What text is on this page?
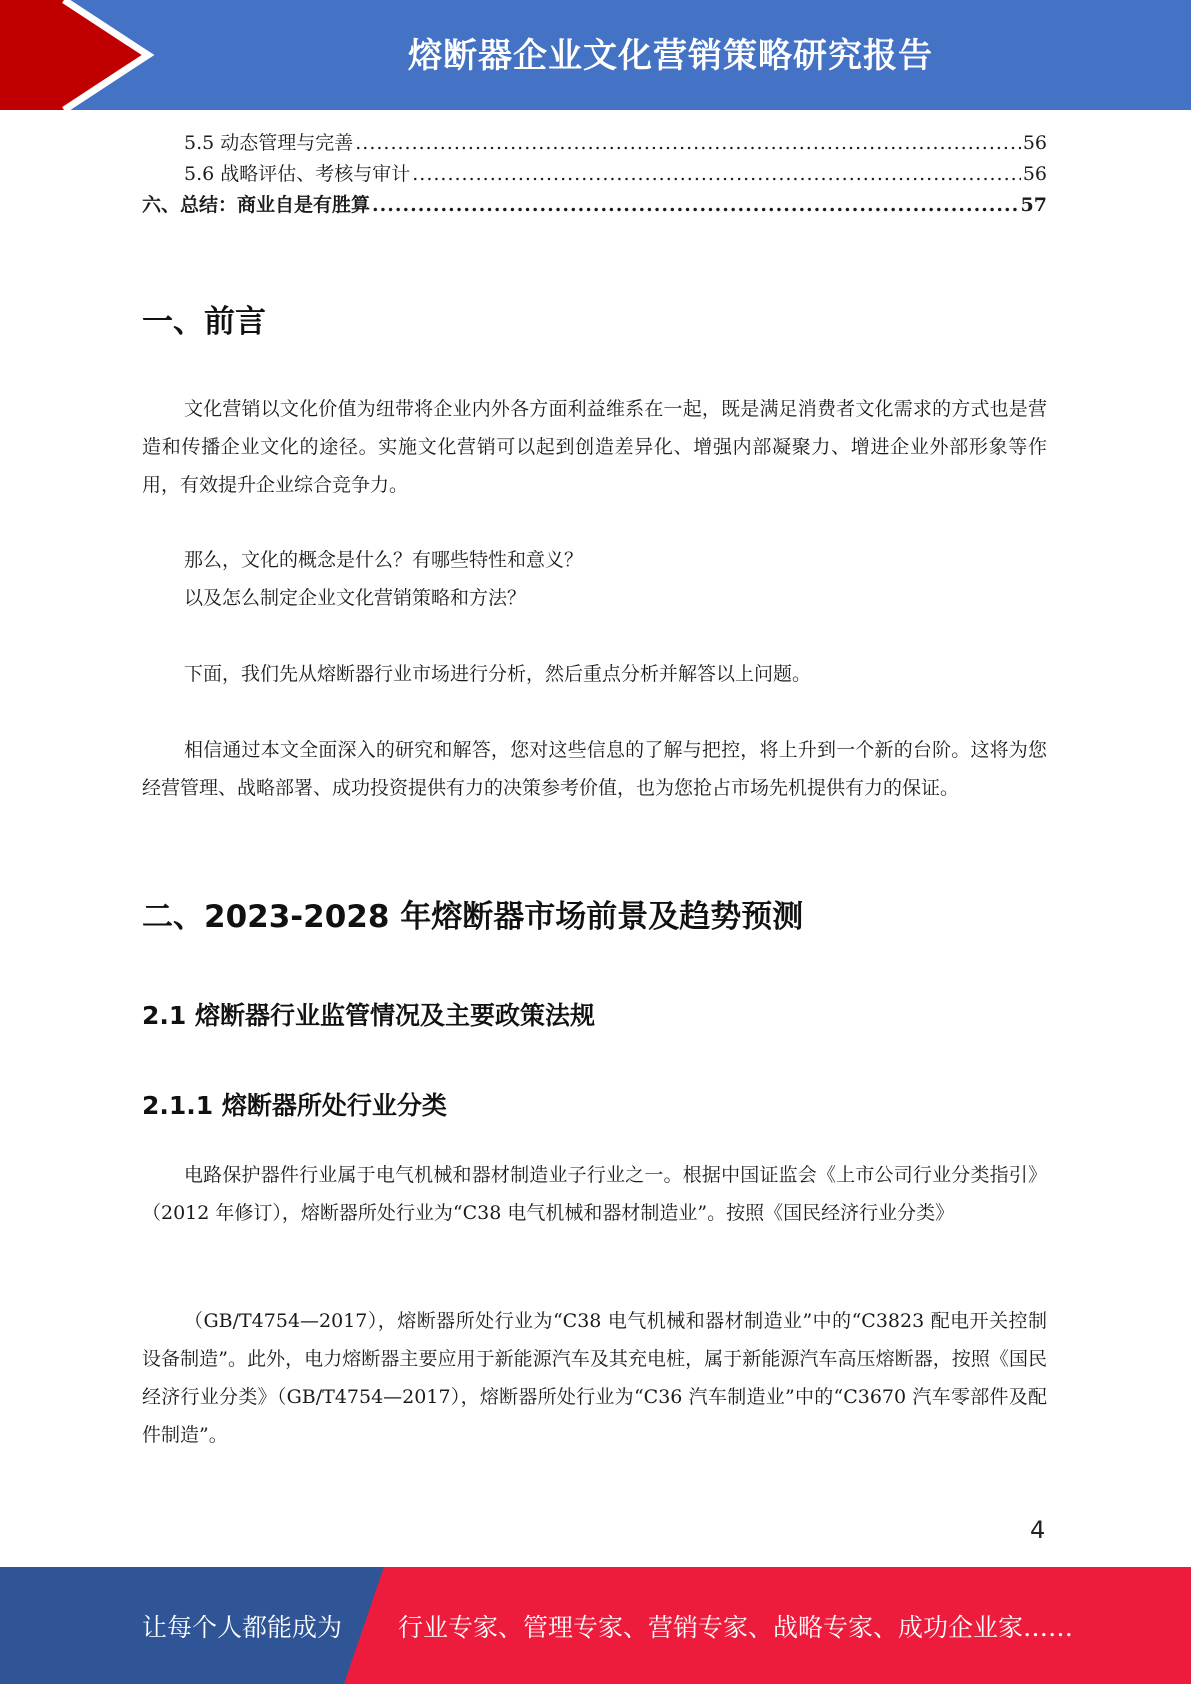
熔断器企业文化营销策略研究报告
5.5 动态管理与完善 .....	56
5.6 战略评估、考核与审计 .....	56
六、总结：商业自是有胜算 .....	57
一、前言
文化营销以文化价值为纽带将企业内外各方面利益维系在一起，既是满足消费者文化需求的方式也是营造和传播企业文化的途径。实施文化营销可以起到创造差异化、增强内部凝聚力、增进企业外部形象等作用，有效提升企业综合竞争力。
那么，文化的概念是什么？有哪些特性和意义？
以及怎么制定企业文化营销策略和方法？
下面，我们先从熔断器行业市场进行分析，然后重点分析并解答以上问题。
相信通过本文全面深入的研究和解答，您对这些信息的了解与把控，将上升到一个新的台阶。这将为您经营管理、战略部署、成功投资提供有力的决策参考价值，也为您抢占市场先机提供有力的保证。
二、2023-2028 年熔断器市场前景及趋势预测
2.1 熔断器行业监管情况及主要政策法规
2.1.1 熔断器所处行业分类
电路保护器件行业属于电气机械和器材制造业子行业之一。根据中国证监会《上市公司行业分类指引》（2012 年修订），熔断器所处行业为“C38 电气机械和器材制造业”。按照《国民经济行业分类》
（GB/T4754—2017），熔断器所处行业为“C38 电气机械和器材制造业”中的“C3823 配电开关控制设备制造”。此外，电力熔断器主要应用于新能源汽车及其充电桩，属于新能源汽车高压熔断器，按照《国民经济行业分类》（GB/T4754—2017），熔断器所处行业为“C36 汽车制造业”中的“C3670 汽车零部件及配件制造”。
4
让每个人都能成为 行业专家、管理专家、营销专家、战略专家、成功企业家……
